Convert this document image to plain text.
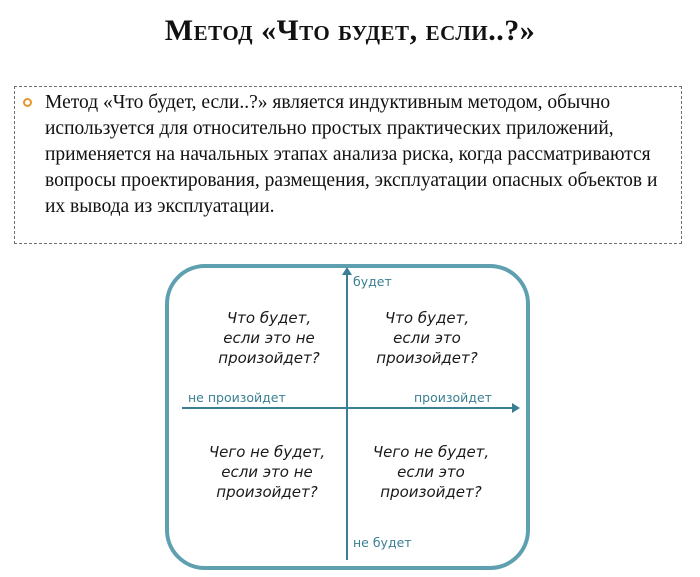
Метод «Что будет, если..?»

Метод «Что будет, если..?» является индуктивным методом, обычно используется для относительно простых практических приложений, применяется на начальных этапах анализа риска, когда рассматриваются вопросы проектирования, размещения, эксплуатации опасных объектов и их вывода из эксплуатации.

будет
не будет
не произойдет	произойдет
Что будет,
если это не
произойдет?
Что будет,
если это
произойдет?
Чего не будет,
если это не
произойдет?
Чего не будет,
если это
произойдет?
